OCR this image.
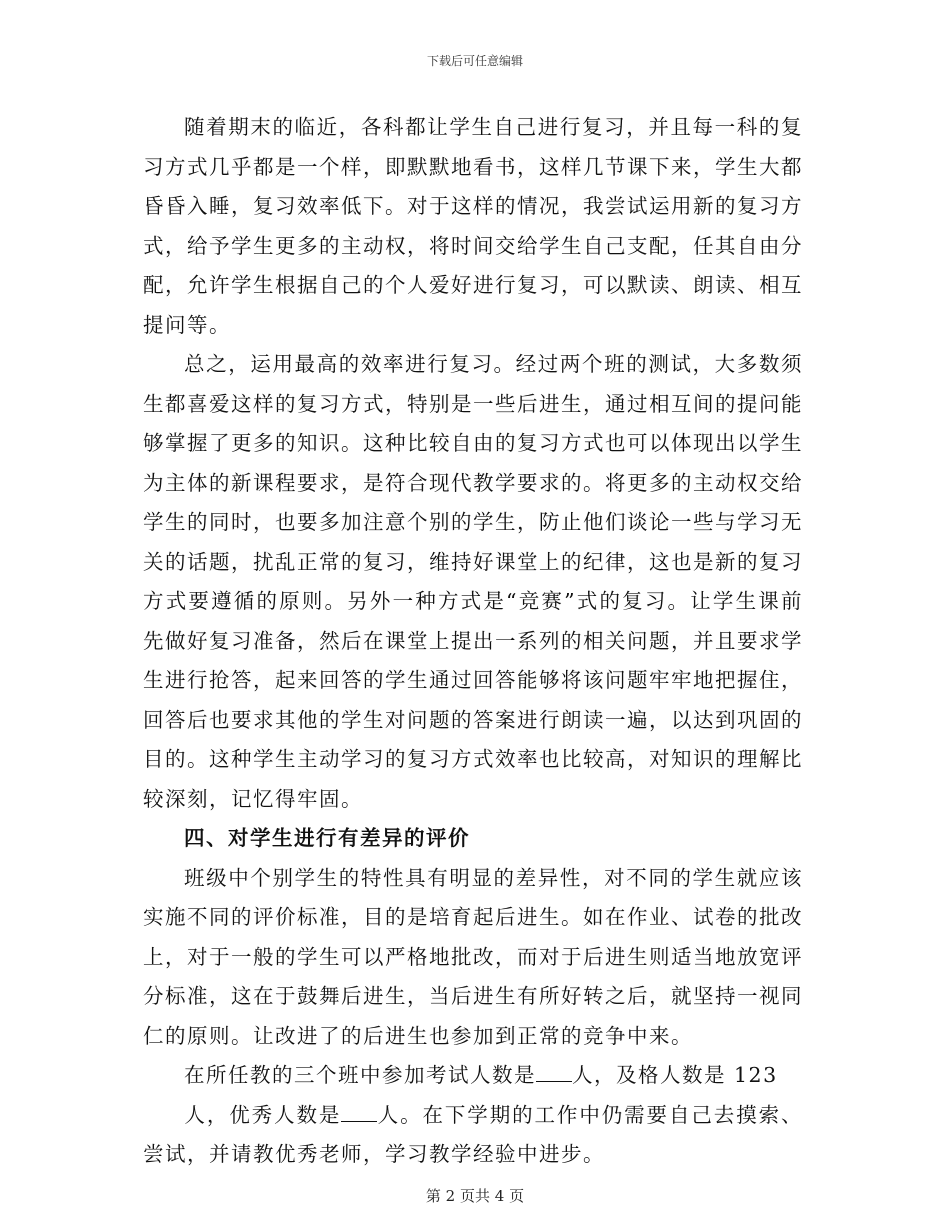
下载后可任意编辑

随着期末的临近，各科都让学生自己进行复习，并且每一科的复习方式几乎都是一个样，即默默地看书，这样几节课下来，学生大都昏昏入睡，复习效率低下。对于这样的情况，我尝试运用新的复习方式，给予学生更多的主动权，将时间交给学生自己支配，任其自由分配，允许学生根据自己的个人爱好进行复习，可以默读、朗读、相互提问等。

总之，运用最高的效率进行复习。经过两个班的测试，大多数须生都喜爱这样的复习方式，特别是一些后进生，通过相互间的提问能够掌握了更多的知识。这种比较自由的复习方式也可以体现出以学生为主体的新课程要求，是符合现代教学要求的。将更多的主动权交给学生的同时，也要多加注意个别的学生，防止他们谈论一些与学习无关的话题，扰乱正常的复习，维持好课堂上的纪律，这也是新的复习方式要遵循的原则。另外一种方式是“竞赛”式的复习。让学生课前先做好复习准备，然后在课堂上提出一系列的相关问题，并且要求学生进行抢答，起来回答的学生通过回答能够将该问题牢牢地把握住，回答后也要求其他的学生对问题的答案进行朗读一遍，以达到巩固的目的。这种学生主动学习的复习方式效率也比较高，对知识的理解比较深刻，记忆得牢固。

四、对学生进行有差异的评价

班级中个别学生的特性具有明显的差异性，对不同的学生就应该实施不同的评价标准，目的是培育起后进生。如在作业、试卷的批改上，对于一般的学生可以严格地批改，而对于后进生则适当地放宽评分标准，这在于鼓舞后进生，当后进生有所好转之后，就坚持一视同仁的原则。让改进了的后进生也参加到正常的竞争中来。

在所任教的三个班中参加考试人数是 人，及格人数是 123
人，优秀人数是 人。在下学期的工作中仍需要自己去摸索、尝试，并请教优秀老师，学习教学经验中进步。

第 2 页共 4 页
